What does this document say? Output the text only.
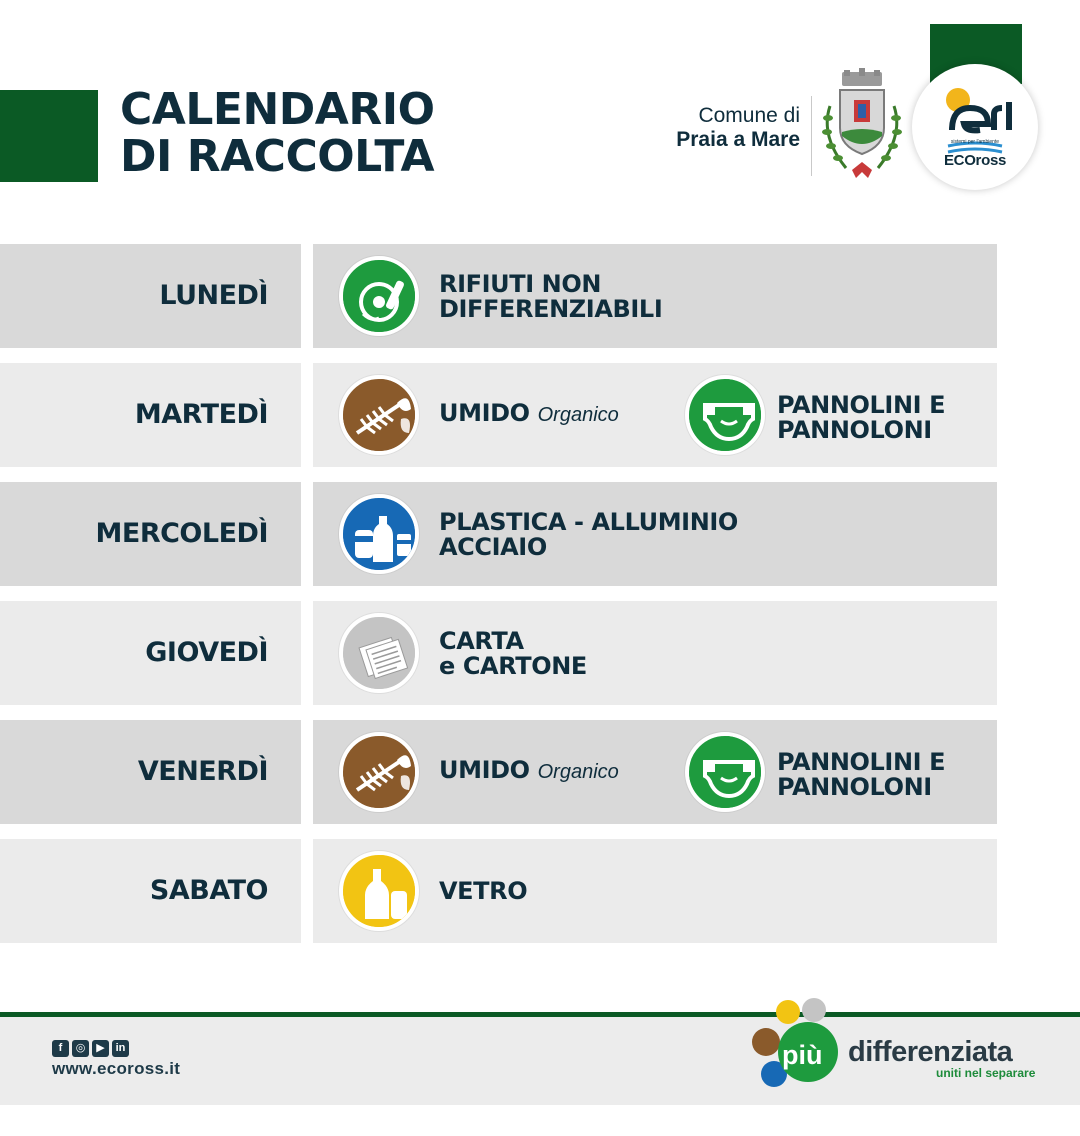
CALENDARIO
DI RACCOLTA
Comune di
Praia a Mare	sistemi per l'ambiente
ECOross
LUNEDÌ	RIFIUTI NON
DIFFERENZIABILI
MARTEDÌ	UMIDO Organico	PANNOLINI E
PANNOLONI
MERCOLEDÌ	PLASTICA - ALLUMINIO
ACCIAIO
GIOVEDÌ	CARTA
e CARTONE
VENERDÌ	UMIDO Organico	PANNOLINI E
PANNOLONI
SABATO	VETRO
f	◎ ▶ in
www.ecoross.it	più differenziata
uniti nel separare
